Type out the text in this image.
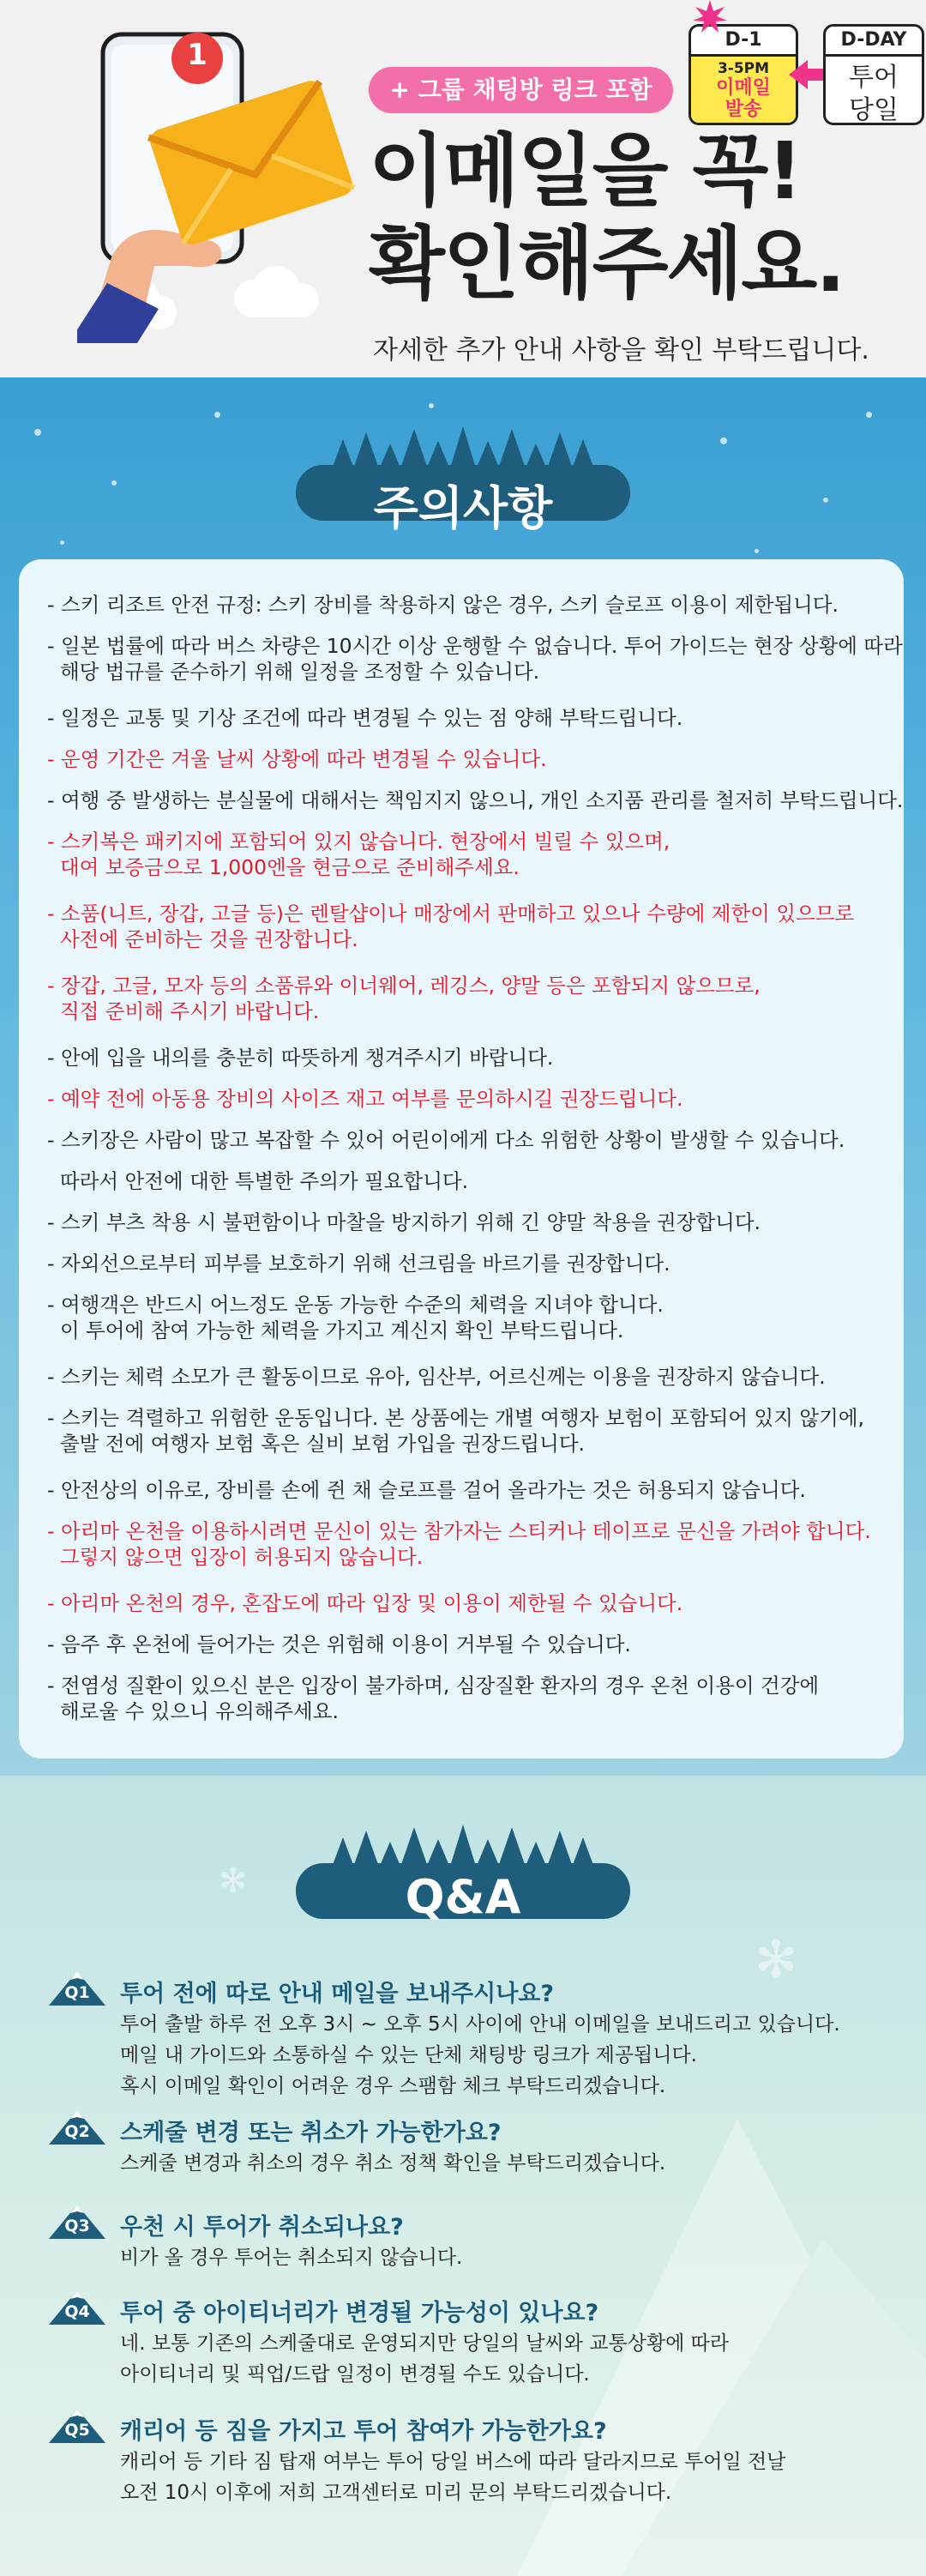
1
+ 그룹 채팅방 링크 포함
이메일을 꼭!
확인해주세요.
자세한 추가 안내 사항을 확인 부탁드립니다.
D-1
3-5PM
이메일
발송
D-DAY
투어
당일
주의사항
- 스키 리조트 안전 규정: 스키 장비를 착용하지 않은 경우, 스키 슬로프 이용이 제한됩니다.
- 일본 법률에 따라 버스 차량은 10시간 이상 운행할 수 없습니다. 투어 가이드는 현장 상황에 따라
해당 법규를 준수하기 위해 일정을 조정할 수 있습니다.
- 일정은 교통 및 기상 조건에 따라 변경될 수 있는 점 양해 부탁드립니다.
- 운영 기간은 겨울 날씨 상황에 따라 변경될 수 있습니다.
- 여행 중 발생하는 분실물에 대해서는 책임지지 않으니, 개인 소지품 관리를 철저히 부탁드립니다.
- 스키복은 패키지에 포함되어 있지 않습니다. 현장에서 빌릴 수 있으며,
대여 보증금으로 1,000엔을 현금으로 준비해주세요.
- 소품(니트, 장갑, 고글 등)은 렌탈샵이나 매장에서 판매하고 있으나 수량에 제한이 있으므로
사전에 준비하는 것을 권장합니다.
- 장갑, 고글, 모자 등의 소품류와 이너웨어, 레깅스, 양말 등은 포함되지 않으므로,
직접 준비해 주시기 바랍니다.
- 안에 입을 내의를 충분히 따뜻하게 챙겨주시기 바랍니다.
- 예약 전에 아동용 장비의 사이즈 재고 여부를 문의하시길 권장드립니다.
- 스키장은 사람이 많고 복잡할 수 있어 어린이에게 다소 위험한 상황이 발생할 수 있습니다.
따라서 안전에 대한 특별한 주의가 필요합니다.
- 스키 부츠 착용 시 불편함이나 마찰을 방지하기 위해 긴 양말 착용을 권장합니다.
- 자외선으로부터 피부를 보호하기 위해 선크림을 바르기를 권장합니다.
- 여행객은 반드시 어느정도 운동 가능한 수준의 체력을 지녀야 합니다.
이 투어에 참여 가능한 체력을 가지고 계신지 확인 부탁드립니다.
- 스키는 체력 소모가 큰 활동이므로 유아, 임산부, 어르신께는 이용을 권장하지 않습니다.
- 스키는 격렬하고 위험한 운동입니다. 본 상품에는 개별 여행자 보험이 포함되어 있지 않기에,
출발 전에 여행자 보험 혹은 실비 보험 가입을 권장드립니다.
- 안전상의 이유로, 장비를 손에 쥔 채 슬로프를 걸어 올라가는 것은 허용되지 않습니다.
- 아리마 온천을 이용하시려면 문신이 있는 참가자는 스티커나 테이프로 문신을 가려야 합니다.
그렇지 않으면 입장이 허용되지 않습니다.
- 아리마 온천의 경우, 혼잡도에 따라 입장 및 이용이 제한될 수 있습니다.
- 음주 후 온천에 들어가는 것은 위험해 이용이 거부될 수 있습니다.
- 전염성 질환이 있으신 분은 입장이 불가하며, 심장질환 환자의 경우 온천 이용이 건강에
해로울 수 있으니 유의해주세요.
✻
✻
Q&A
Q1	투어 전에 따로 안내 메일을 보내주시나요?
투어 출발 하루 전 오후 3시 ~ 오후 5시 사이에 안내 이메일을 보내드리고 있습니다.
메일 내 가이드와 소통하실 수 있는 단체 채팅방 링크가 제공됩니다.
혹시 이메일 확인이 어려운 경우 스팸함 체크 부탁드리겠습니다.
Q2	스케줄 변경 또는 취소가 가능한가요?
스케줄 변경과 취소의 경우 취소 정책 확인을 부탁드리겠습니다.
Q3	우천 시 투어가 취소되나요?
비가 올 경우 투어는 취소되지 않습니다.
Q4	투어 중 아이티너리가 변경될 가능성이 있나요?
네. 보통 기존의 스케줄대로 운영되지만 당일의 날씨와 교통상황에 따라
아이티너리 및 픽업/드랍 일정이 변경될 수도 있습니다.
Q5	캐리어 등 짐을 가지고 투어 참여가 가능한가요?
캐리어 등 기타 짐 탑재 여부는 투어 당일 버스에 따라 달라지므로 투어일 전날
오전 10시 이후에 저희 고객센터로 미리 문의 부탁드리겠습니다.
